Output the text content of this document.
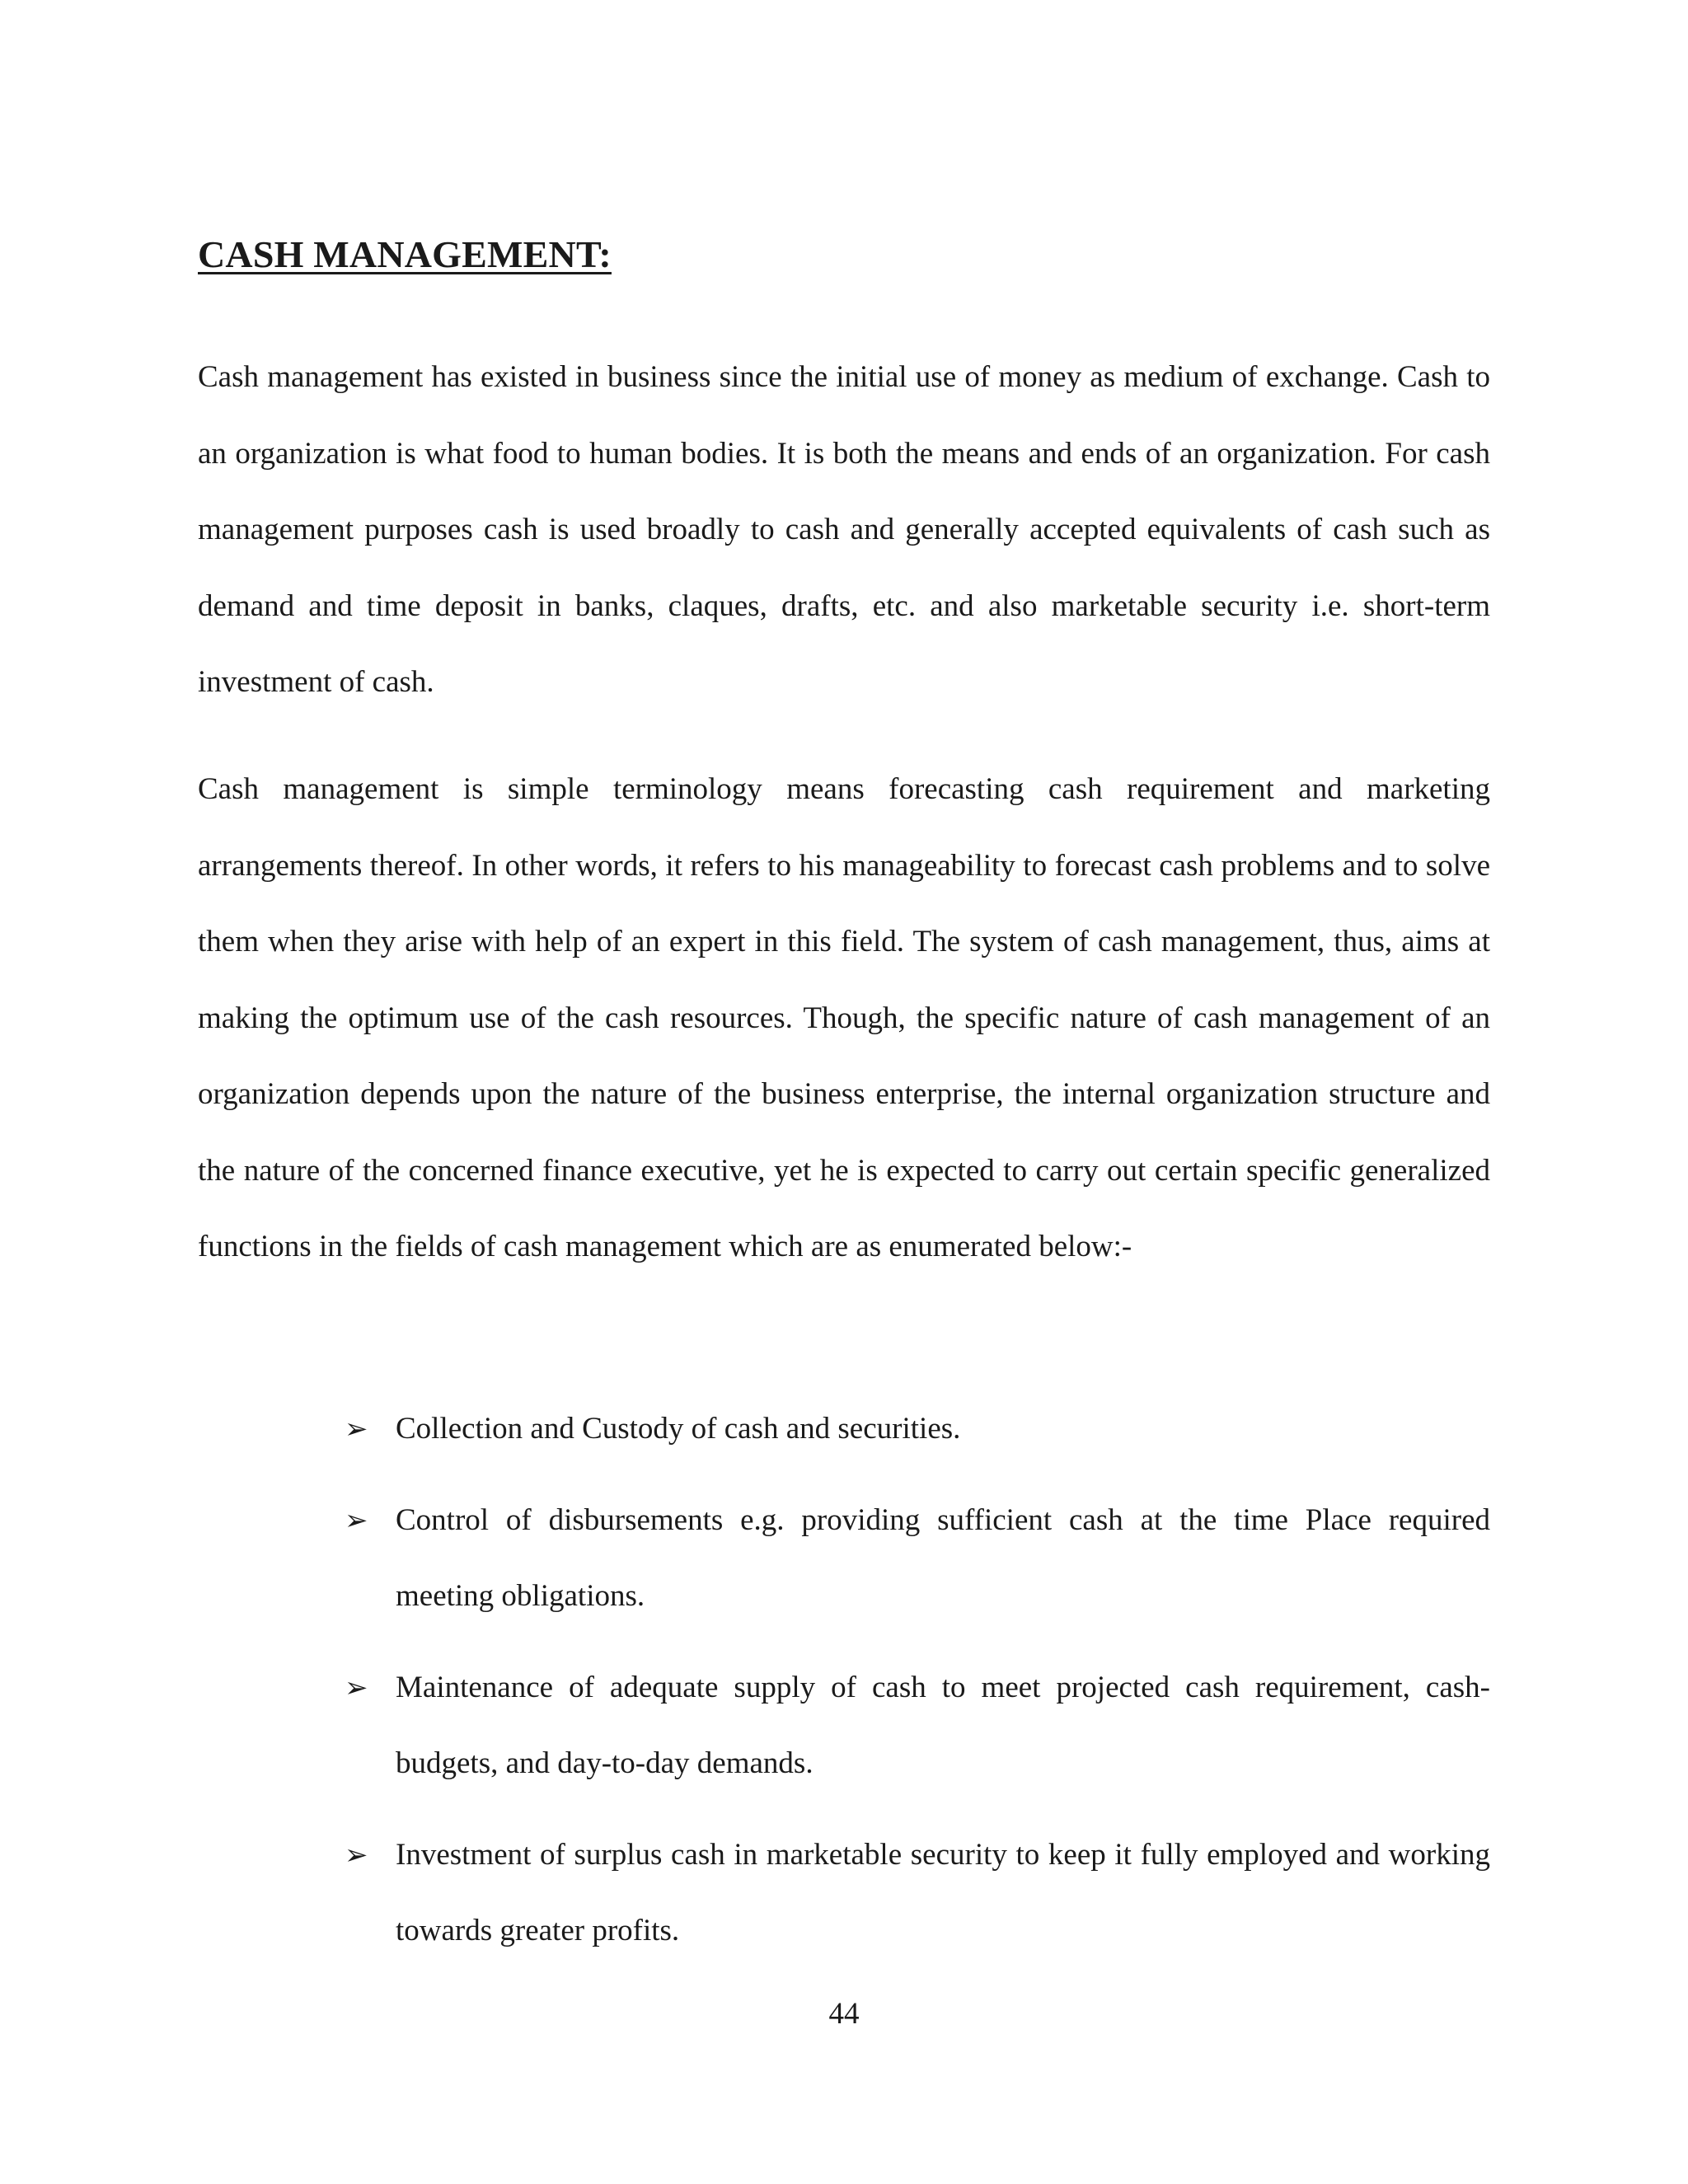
CASH MANAGEMENT:

Cash management has existed in business since the initial use of money as medium of exchange. Cash to an organization is what food to human bodies. It is both the means and ends of an organization. For cash management purposes cash is used broadly to cash and generally accepted equivalents of cash such as demand and time deposit in banks, claques, drafts, etc. and also marketable security i.e. short-term investment of cash.

Cash management is simple terminology means forecasting cash requirement and marketing arrangements thereof. In other words, it refers to his manageability to forecast cash problems and to solve them when they arise with help of an expert in this field. The system of cash management, thus, aims at making the optimum use of the cash resources. Though, the specific nature of cash management of an organization depends upon the nature of the business enterprise, the internal organization structure and the nature of the concerned finance executive, yet he is expected to carry out certain specific generalized functions in the fields of cash management which are as enumerated below:-

➢ Collection and Custody of cash and securities.
➢ Control of disbursements e.g. providing sufficient cash at the time Place required meeting obligations.
➢ Maintenance of adequate supply of cash to meet projected cash requirement, cash-budgets, and day-to-day demands.
➢ Investment of surplus cash in marketable security to keep it fully employed and working towards greater profits.
44
